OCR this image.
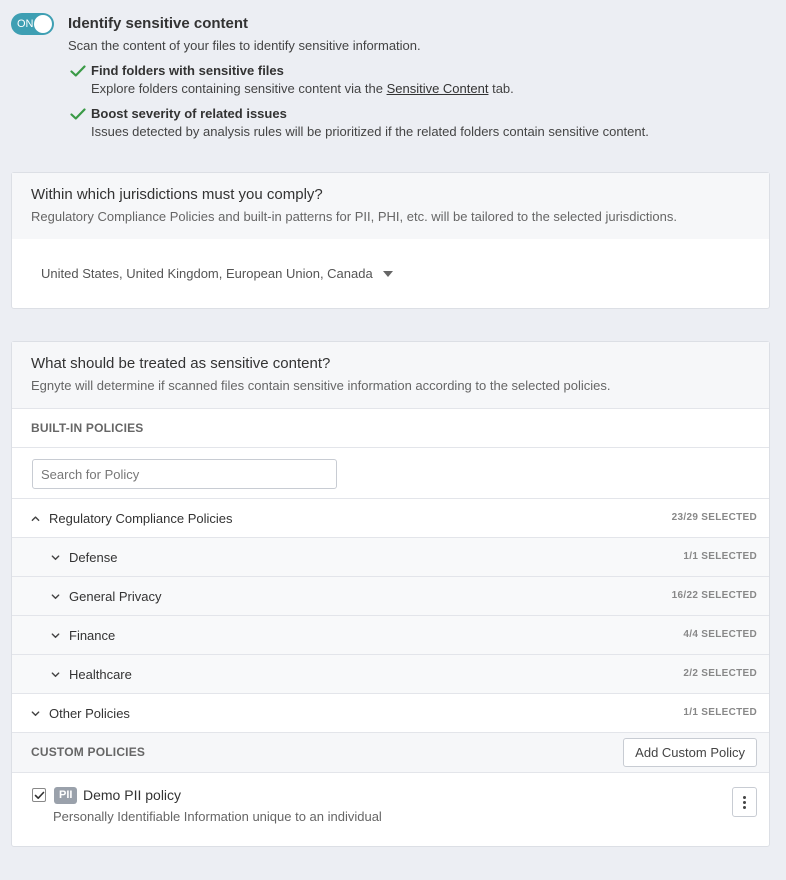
ON Identify sensitive content
Scan the content of your files to identify sensitive information.
Find folders with sensitive files
Explore folders containing sensitive content via the Sensitive Content tab.
Boost severity of related issues
Issues detected by analysis rules will be prioritized if the related folders contain sensitive content.
Within which jurisdictions must you comply?
Regulatory Compliance Policies and built-in patterns for PII, PHI, etc. will be tailored to the selected jurisdictions.
United States, United Kingdom, European Union, Canada
What should be treated as sensitive content?
Egnyte will determine if scanned files contain sensitive information according to the selected policies.
BUILT-IN POLICIES
Search for Policy
Regulatory Compliance Policies	23/29 SELECTED
Defense	1/1 SELECTED
General Privacy	16/22 SELECTED
Finance	4/4 SELECTED
Healthcare	2/2 SELECTED
Other Policies	1/1 SELECTED
CUSTOM POLICIES	Add Custom Policy
PII Demo PII policy
Personally Identifiable Information unique to an individual
